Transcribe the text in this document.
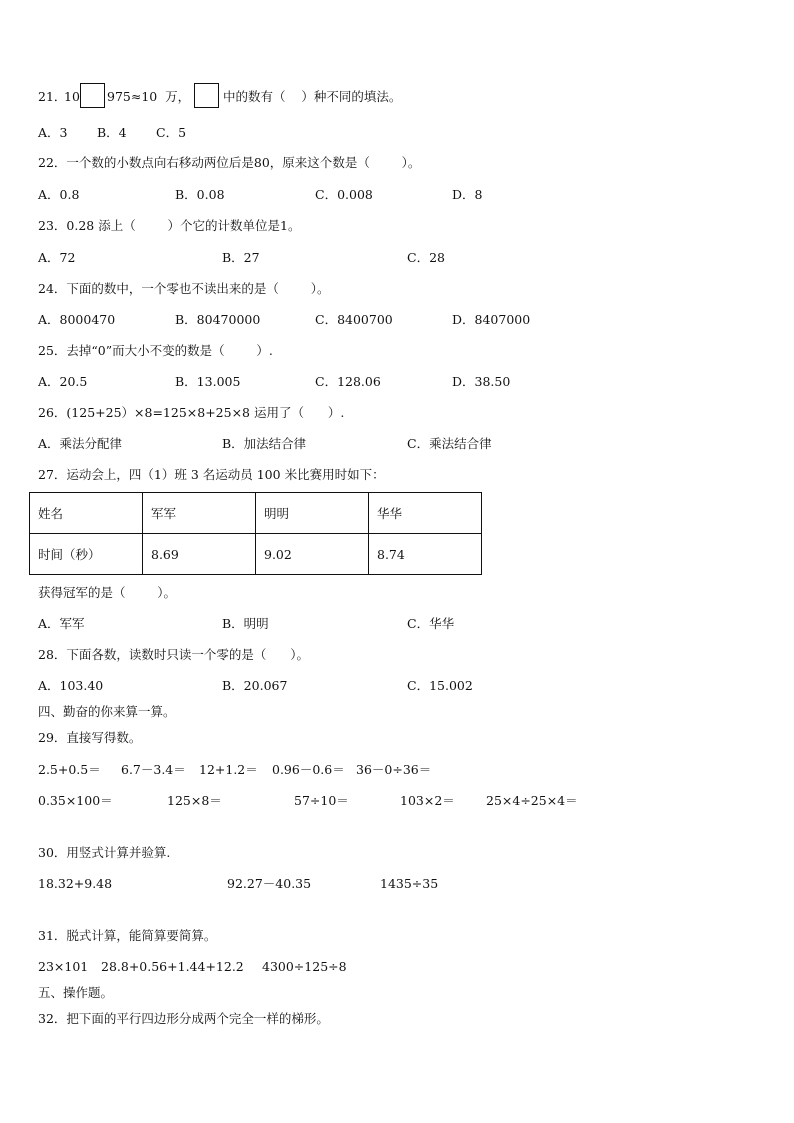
21．
10 975≈10  万，	中的数有（    ）种不同的填法。
A．3 B．4 C．5
22．一个数的小数点向右移动两位后是80，原来这个数是（        ）。
A．0.8	B．0.08	C．0.008	D．8
23．0.28 添上（        ）个它的计数单位是1。
A．72	B．27	C．28
24．下面的数中，一个零也不读出来的是（        ）。
A．8000470	B．80470000	C．8400700	D．8407000
25．去掉“0”而大小不变的数是（        ）.
A．20.5	B．13.005	C．128.06	D．38.50
26．(125+25）×8=125×8+25×8 运用了（      ）.
A．乘法分配律	B．加法结合律	C．乘法结合律
27．运动会上，四（1）班 3 名运动员 100 米比赛用时如下：
姓名	军军	明明	华华
时间（秒）	8.69	9.02	8.74
获得冠军的是（        ）。
A．军军	B．明明	C．华华
28．下面各数，读数时只读一个零的是（      ）。
A．103.40	B．20.067	C．15.002
四、勤奋的你来算一算。
29．直接写得数。
2.5+0.5＝ 6.7－3.4＝ 12+1.2＝ 0.96－0.6＝ 36－0÷36＝
0.35×100＝	125×8＝	57÷10＝	103×2＝ 25×4÷25×4＝
30．用竖式计算并验算.
18.32+9.48	92.27－40.35	1435÷35
31．脱式计算，能简算要简算。
23×101 28.8+0.56+1.44+12.2 4300÷125÷8
五、操作题。
32．把下面的平行四边形分成两个完全一样的梯形。
